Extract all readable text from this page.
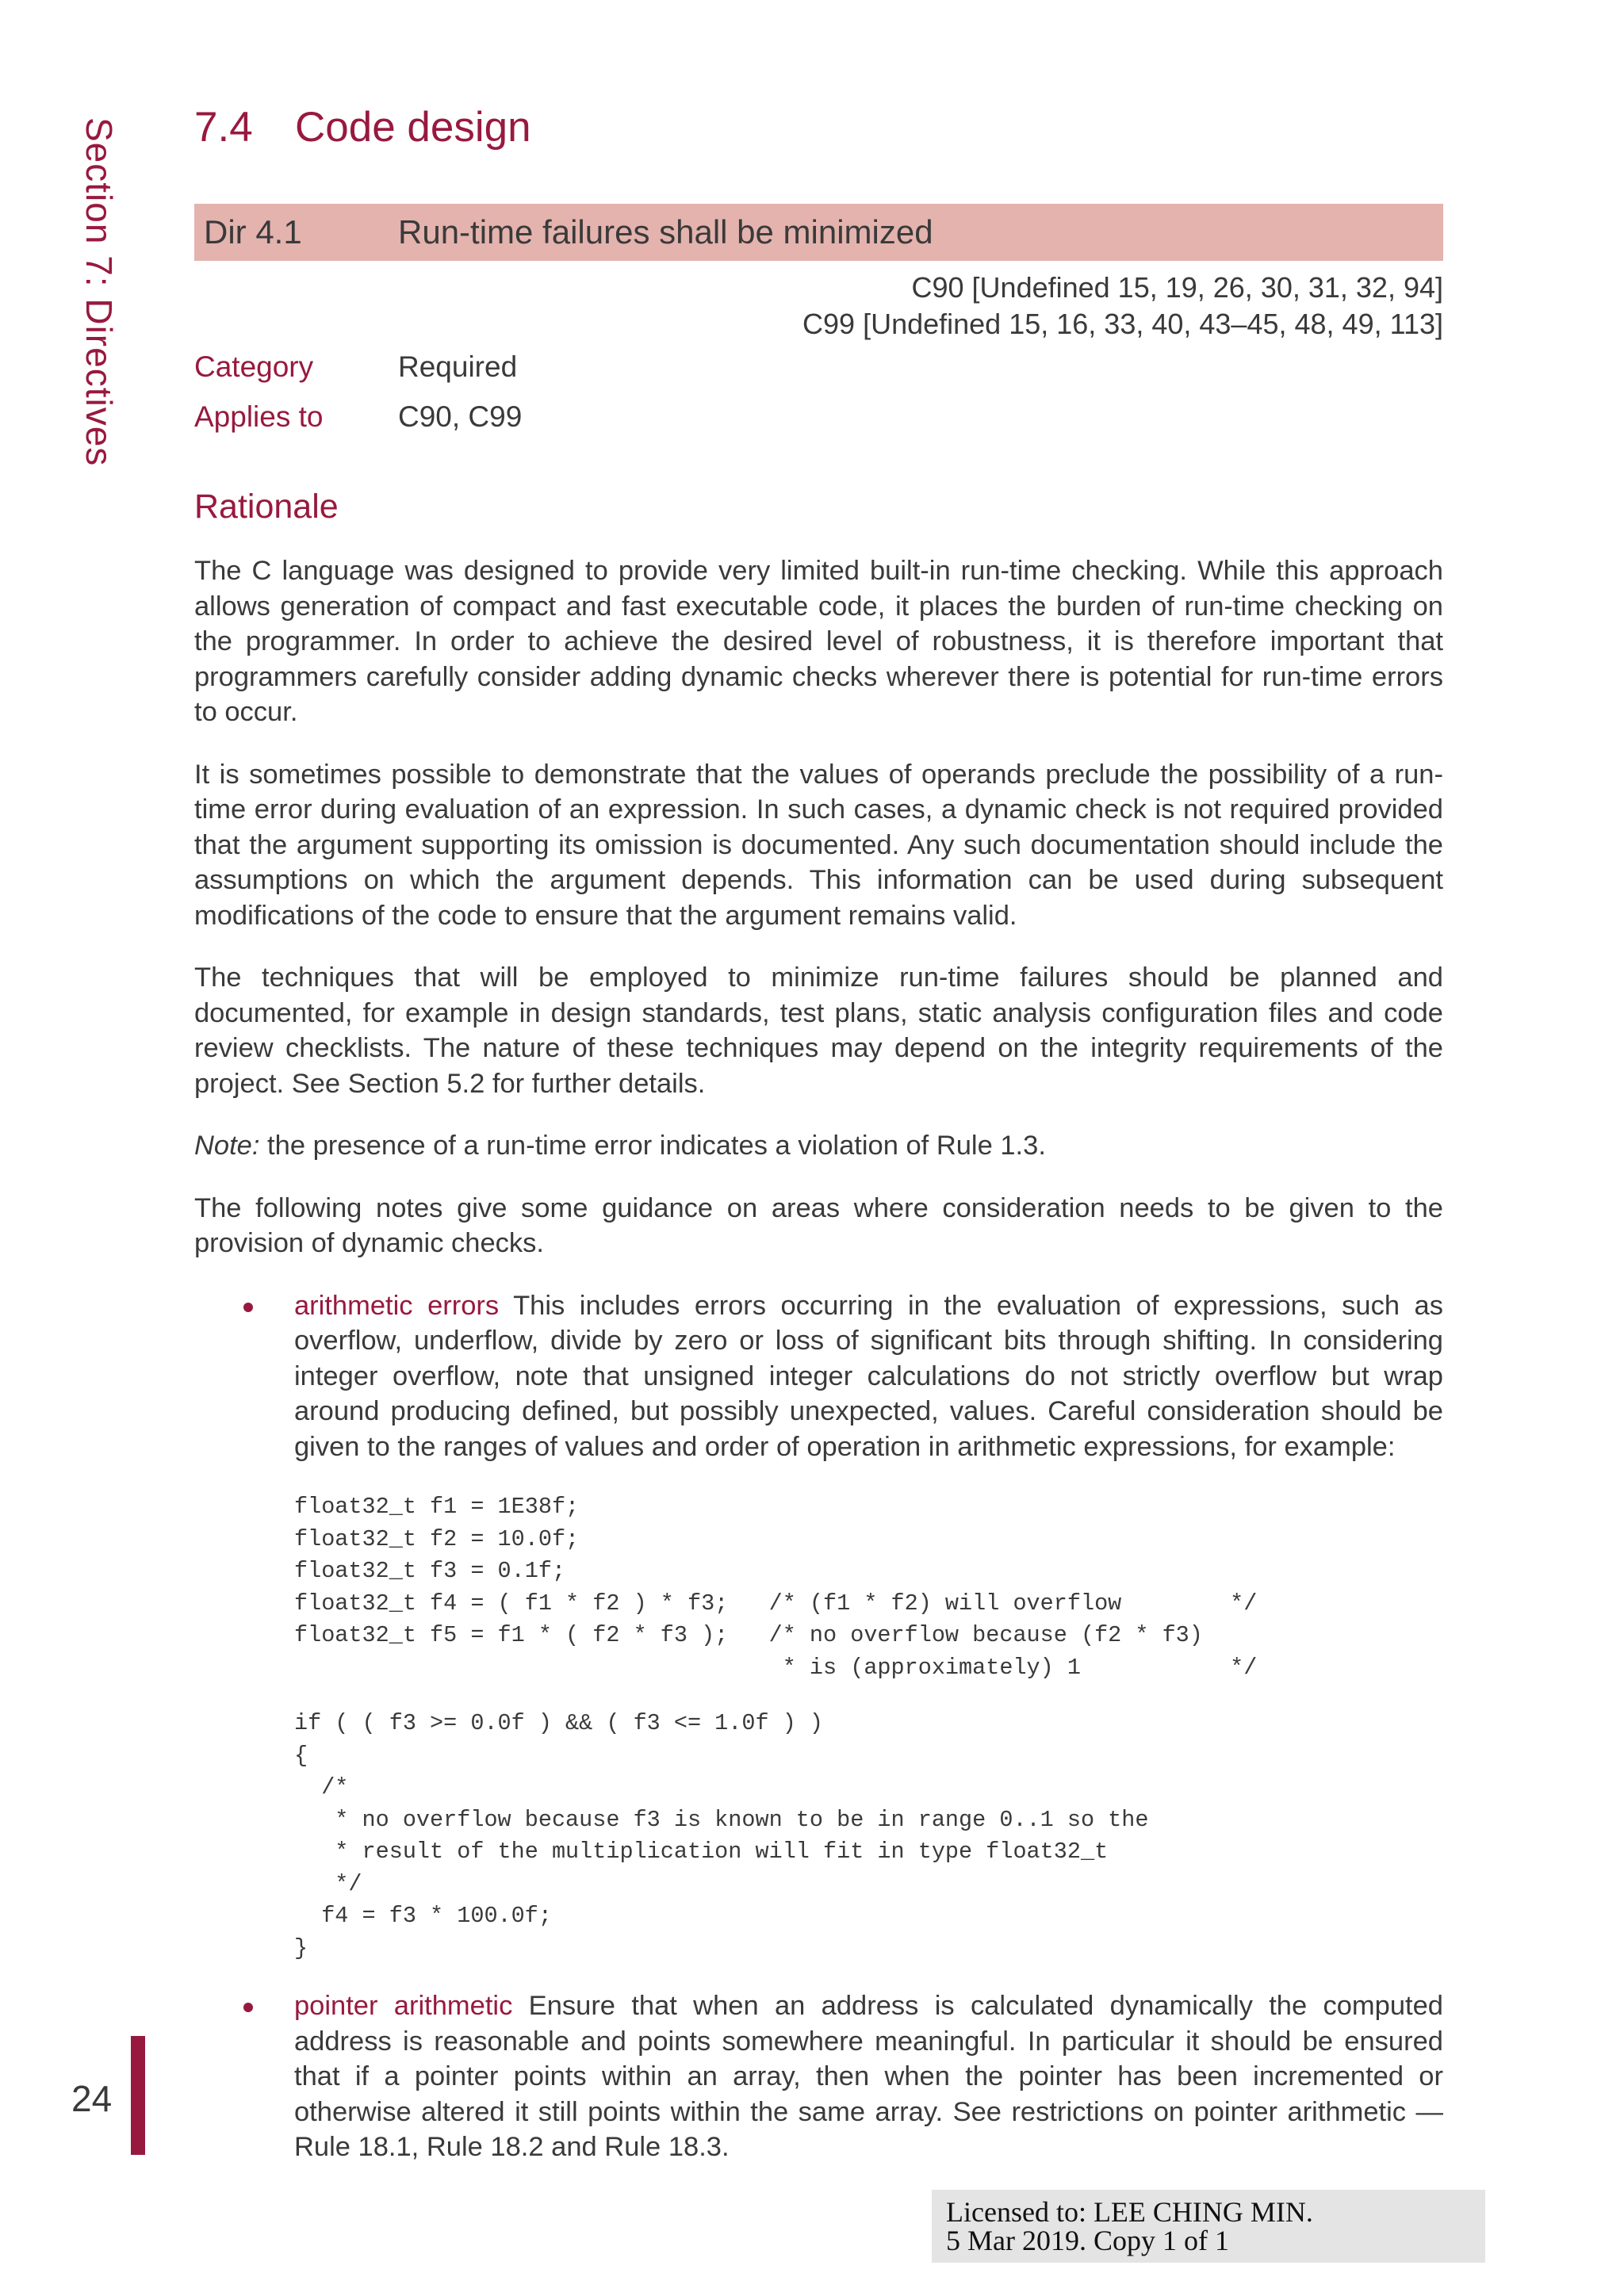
Section 7: Directives
24
7.4 Code design
Dir 4.1	Run-time failures shall be minimized
C90 [Undefined 15, 19, 26, 30, 31, 32, 94]
C99 [Undefined 15, 16, 33, 40, 43–45, 48, 49, 113]
Category	Required
Applies to	C90, C99
Rationale

The C language was designed to provide very limited built-in run-time checking. While this approach allows generation of compact and fast executable code, it places the burden of run-time checking on the programmer. In order to achieve the desired level of robustness, it is therefore important that programmers carefully consider adding dynamic checks wherever there is potential for run-time errors to occur.

It is sometimes possible to demonstrate that the values of operands preclude the possibility of a run-time error during evaluation of an expression. In such cases, a dynamic check is not required provided that the argument supporting its omission is documented. Any such documentation should include the assumptions on which the argument depends. This information can be used during subsequent modifications of the code to ensure that the argument remains valid.

The techniques that will be employed to minimize run-time failures should be planned and documented, for example in design standards, test plans, static analysis configuration files and code review checklists. The nature of these techniques may depend on the integrity requirements of the project. See Section 5.2 for further details.

Note: the presence of a run-time error indicates a violation of Rule 1.3.

The following notes give some guidance on areas where consideration needs to be given to the provision of dynamic checks.

arithmetic errors This includes errors occurring in the evaluation of expressions, such as overflow, underflow, divide by zero or loss of significant bits through shifting. In considering integer overflow, note that unsigned integer calculations do not strictly overflow but wrap around producing defined, but possibly unexpected, values. Careful consideration should be given to the ranges of values and order of operation in arithmetic expressions, for example:
float32_t f1 = 1E38f;
float32_t f2 = 10.0f;
float32_t f3 = 0.1f;
float32_t f4 = ( f1 * f2 ) * f3;   /* (f1 * f2) will overflow        */
float32_t f5 = f1 * ( f2 * f3 );   /* no overflow because (f2 * f3)
* is (approximately) 1           */
if ( ( f3 >= 0.0f ) && ( f3 <= 1.0f ) )
{
/*
* no overflow because f3 is known to be in range 0..1 so the
* result of the multiplication will fit in type float32_t
*/
f4 = f3 * 100.0f;
}
pointer arithmetic Ensure that when an address is calculated dynamically the computed address is reasonable and points somewhere meaningful. In particular it should be ensured that if a pointer points within an array, then when the pointer has been incremented or otherwise altered it still points within the same array. See restrictions on pointer arithmetic — Rule 18.1, Rule 18.2 and Rule 18.3.
Licensed to: LEE CHING MIN.
5 Mar 2019. Copy 1 of 1
